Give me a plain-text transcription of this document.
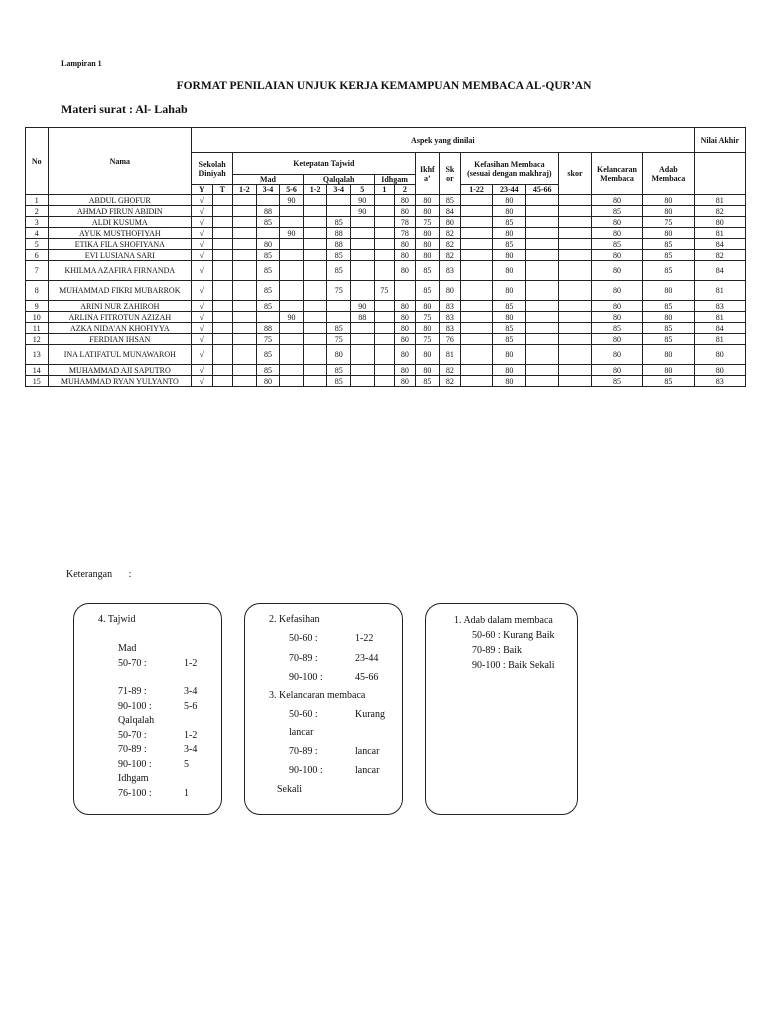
Lampiran 1
FORMAT PENILAIAN UNJUK KERJA KEMAMPUAN MEMBACA AL-QUR’AN
Materi surat : Al- Lahab
No	Nama	Aspek yang dinilai																		Nilai Akhir
		Sekolah Diniyah		Ketepatan Tajwid								Ikhf a’	Sk or	Kefasihan Membaca (sesuai dengan makhraj)			skor	Kelancaran Membaca	Adab Membaca	
				Mad			Qalqalah			Idhgam										
		Y	T	1-2	3-4	5-6	1-2	3-4	5	1	2			1-22	23-44	45-66				
1	ABDUL GHOFUR	√				90			90		80	80	85		80			80	80	81
2	AHMAD FIRUN ABIDIN	√			88				90		80	80	84		80			85	80	82
3	ALDI KUSUMA	√			85			85			78	75	80		85			80	75	80
4	AYUK MUSTHOFIYAH	√				90		88			78	80	82		80			80	80	81
5	ETIKA FILA SHOFIYANA	√			80			88			80	80	82		85			85	85	84
6	EVI LUSIANA SARI	√			85			85			80	80	82		80			80	85	82
7	KHILMA AZAFIRA FIRNANDA	√			85			85			80	85	83		80			80	85	84
8	MUHAMMAD FIKRI MUBARROK	√			85			75		75		85	80		80			80	80	81
9	ARINI NUR ZAHIROH	√			85				90		80	80	83		85			80	85	83
10	ARLINA FITROTUN AZIZAH	√				90			88		80	75	83		80			80	80	81
11	AZKA NIDA'AN KHOFIYYA	√			88			85			80	80	83		85			85	85	84
12	FERDIAN IHSAN	√			75			75			80	75	76		85			80	85	81
13	INA LATIFATUL MUNAWAROH	√			85			80			80	80	81		80			80	80	80
14	MUHAMMAD AJI SAPUTRO	√			85			85			80	80	82		80			80	80	80
15	MUHAMMAD RYAN YULYANTO	√			80			85			80	85	82		80			85	85	83
Keterangan :
4. Tajwid
Mad
50-70 :	1-2
71-89 :	3-4
90-100 :	5-6
Qalqalah
50-70 :	1-2
70-89 :	3-4
90-100 :	5
Idhgam
76-100 :	1
2. Kefasihan
50-60 :	1-22
70-89 :	23-44
90-100 :	45-66
3. Kelancaran membaca
50-60 :	Kurang
lancar
70-89 :	lancar
90-100 :	lancar
Sekali
1. Adab dalam membaca
50-60 : Kurang Baik
70-89 : Baik
90-100 : Baik Sekali
